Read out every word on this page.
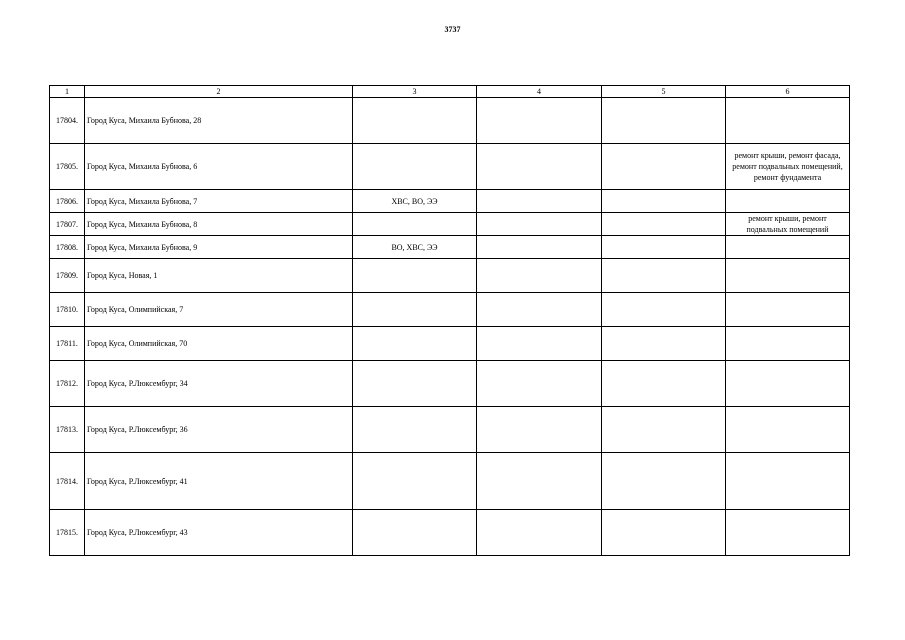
3737
1	2	3	4	5	6
17804.	Город Куса, Михаила Бубнова, 28				
17805.	Город Куса, Михаила Бубнова, 6				ремонт крыши, ремонт фасада, ремонт подвальных помещений, ремонт фундамента
17806.	Город Куса, Михаила Бубнова, 7	ХВС, ВО, ЭЭ			
17807.	Город Куса, Михаила Бубнова, 8				ремонт крыши, ремонт подвальных помещений
17808.	Город Куса, Михаила Бубнова, 9	ВО, ХВС, ЭЭ			
17809.	Город Куса, Новая, 1				
17810.	Город Куса, Олимпийская, 7				
17811.	Город Куса, Олимпийская, 70				
17812.	Город Куса, Р.Люксембург, 34				
17813.	Город Куса, Р.Люксембург, 36				
17814.	Город Куса, Р.Люксембург, 41				
17815.	Город Куса, Р.Люксембург, 43				
